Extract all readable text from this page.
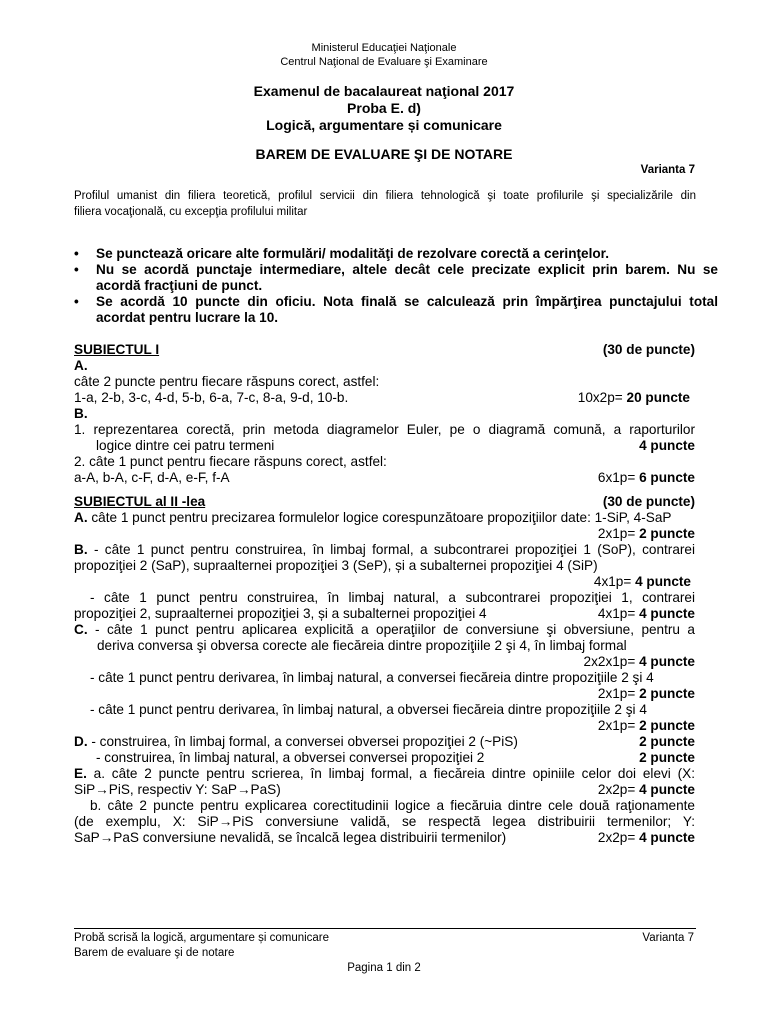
Ministerul Educaţiei Naţionale
Centrul Naţional de Evaluare şi Examinare
Examenul de bacalaureat naţional 2017
Proba E. d)
Logică, argumentare și comunicare
BAREM DE EVALUARE ŞI DE NOTARE
Varianta 7
Profilul umanist din filiera teoretică, profilul servicii din filiera tehnologică şi toate profilurile şi specializările din
filiera vocaţională, cu excepţia profilului militar
•	Se punctează oricare alte formulări/ modalităţi de rezolvare corectă a cerinţelor.
•	Nu se acordă punctaje intermediare, altele decât cele precizate explicit prin barem. Nu se
acordă fracţiuni de punct.
•	Se acordă 10 puncte din oficiu. Nota finală se calculează prin împărţirea punctajului total
acordat pentru lucrare la 10.
SUBIECTUL I	(30 de puncte)
A.
câte 2 puncte pentru fiecare răspuns corect, astfel:
1-a, 2-b, 3-c, 4-d, 5-b, 6-a, 7-c, 8-a, 9-d, 10-b.	10x2p= 20 puncte
B.
1. reprezentarea corectă, prin metoda diagramelor Euler, pe o diagramă comună, a raporturilor
logice dintre cei patru termeni	4 puncte
2. câte 1 punct pentru fiecare răspuns corect, astfel:
a-A, b-A, c-F, d-A, e-F, f-A	6x1p= 6 puncte
SUBIECTUL al II -lea	(30 de puncte)
A. câte 1 punct pentru precizarea formulelor logice corespunzătoare propoziţiilor date: 1-SiP, 4-SaP
2x1p= 2 puncte
B. - câte 1 punct pentru construirea, în limbaj formal, a subcontrarei propoziţiei 1 (SoP), contrarei
propoziţiei 2 (SaP), supraalternei propoziţiei 3 (SeP), și a subalternei propoziţiei 4 (SiP)
4x1p= 4 puncte
- câte 1 punct pentru construirea, în limbaj natural, a subcontrarei propoziţiei 1, contrarei
propoziţiei 2, supraalternei propoziţiei 3, și a subalternei propoziţiei 4	4x1p= 4 puncte
C. - câte 1 punct pentru aplicarea explicită a operaţiilor de conversiune şi obversiune, pentru a
deriva conversa şi obversa corecte ale fiecăreia dintre propoziţiile 2 şi 4, în limbaj formal
2x2x1p= 4 puncte
- câte 1 punct pentru derivarea, în limbaj natural, a conversei fiecăreia dintre propoziţiile 2 şi 4
2x1p= 2 puncte
- câte 1 punct pentru derivarea, în limbaj natural, a obversei fiecăreia dintre propoziţiile 2 şi 4
2x1p= 2 puncte
D. - construirea, în limbaj formal, a conversei obversei propoziţiei 2 (~PiS)	2 puncte
- construirea, în limbaj natural, a obversei conversei propoziţiei 2	2 puncte
E. a. câte 2 puncte pentru scrierea, în limbaj formal, a fiecăreia dintre opiniile celor doi elevi (X:
SiP→PiS, respectiv Y: SaP→PaS)	2x2p= 4 puncte
b. câte 2 puncte pentru explicarea corectitudinii logice a fiecăruia dintre cele două raţionamente
(de exemplu, X: SiP→PiS conversiune validă, se respectă legea distribuirii termenilor; Y:
SaP→PaS conversiune nevalidă, se încalcă legea distribuirii termenilor)	2x2p= 4 puncte
Probă scrisă la logică, argumentare și comunicare
Barem de evaluare şi de notare
Varianta 7
Pagina 1 din 2
